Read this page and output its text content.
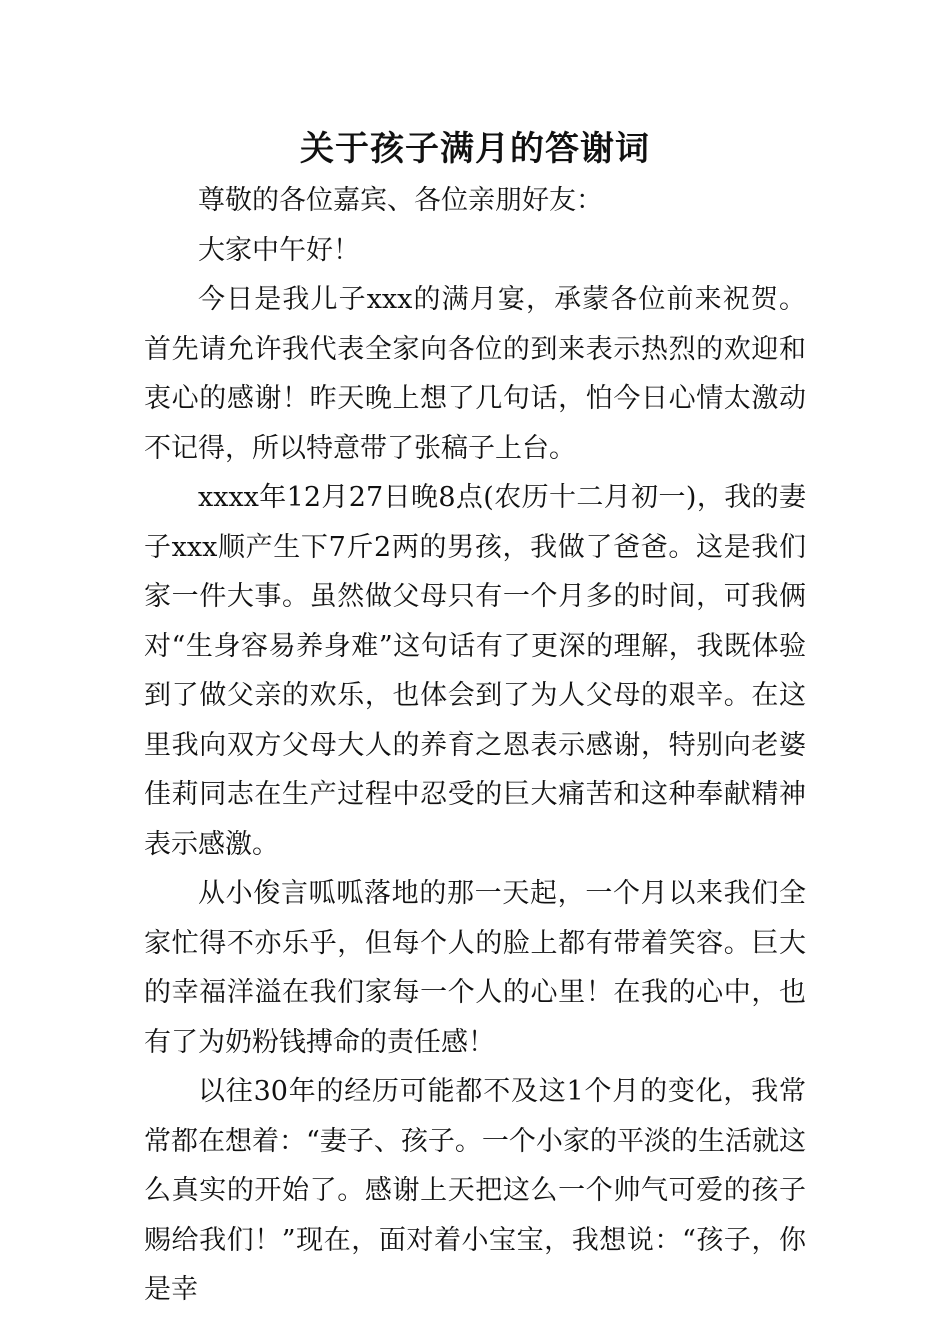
关于孩子满月的答谢词

尊敬的各位嘉宾、各位亲朋好友：

大家中午好！

今日是我儿子xxx的满月宴，承蒙各位前来祝贺。首先请允许我代表全家向各位的到来表示热烈的欢迎和衷心的感谢！昨天晚上想了几句话，怕今日心情太激动不记得，所以特意带了张稿子上台。

xxxx年12月27日晚8点(农历十二月初一)，我的妻子xxx顺产生下7斤2两的男孩，我做了爸爸。这是我们家一件大事。虽然做父母只有一个月多的时间，可我俩对“生身容易养身难”这句话有了更深的理解，我既体验到了做父亲的欢乐，也体会到了为人父母的艰辛。在这里我向双方父母大人的养育之恩表示感谢，特别向老婆佳莉同志在生产过程中忍受的巨大痛苦和这种奉献精神表示感激。

从小俊言呱呱落地的那一天起，一个月以来我们全家忙得不亦乐乎，但每个人的脸上都有带着笑容。巨大的幸福洋溢在我们家每一个人的心里！在我的心中，也有了为奶粉钱搏命的责任感！

以往30年的经历可能都不及这1个月的变化，我常常都在想着：“妻子、孩子。一个小家的平淡的生活就这么真实的开始了。感谢上天把这么一个帅气可爱的孩子赐给我们！”现在，面对着小宝宝，我想说：“孩子，你是幸
